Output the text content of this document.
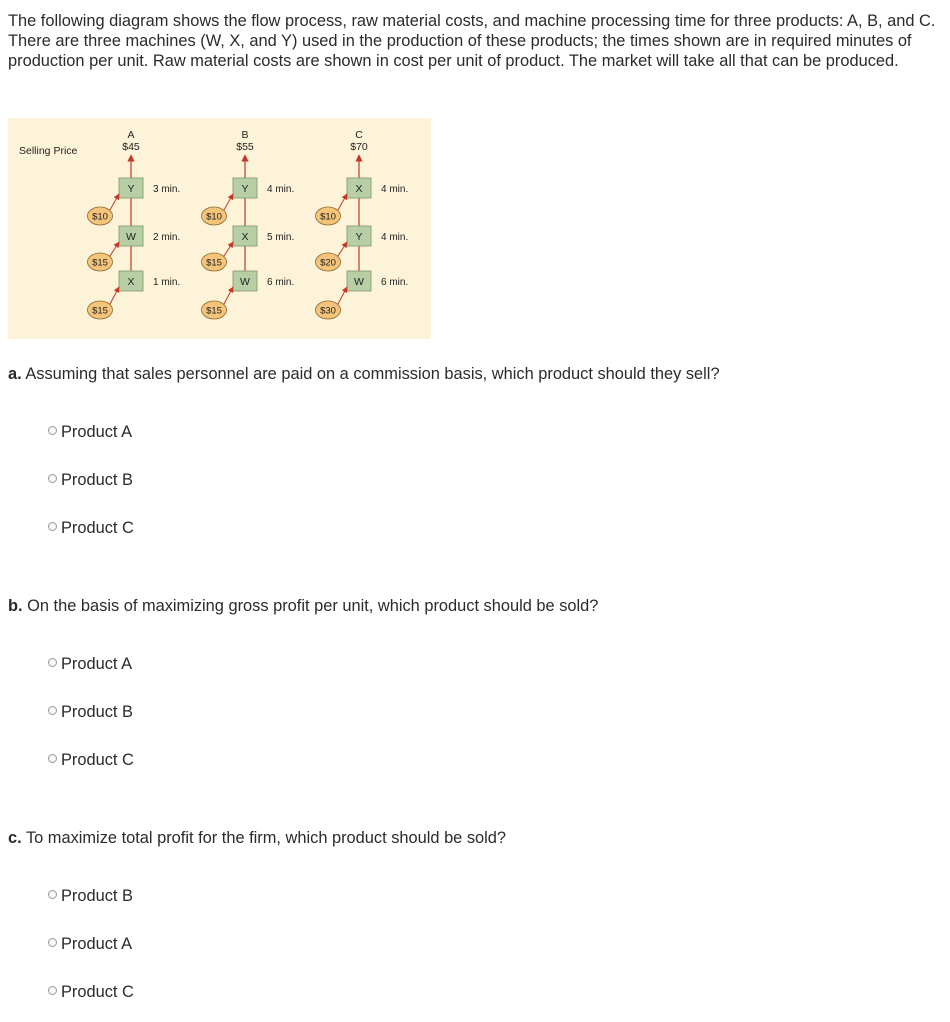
The following diagram shows the flow process, raw material costs, and machine processing time for three products: A, B, and C. There are three machines (W, X, and Y) used in the production of these products; the times shown are in required minutes of production per unit. Raw material costs are shown in cost per unit of product. The market will take all that can be produced.

Selling Price
A
$45
Y 3 min.
W 2 min.
X 1 min.
$10
$15
$15
B
$55
Y 4 min.
X 5 min.
W 6 min.
$10
$15
$15
C
$70
X 4 min.
Y 4 min.
W 6 min.
$10
$20
$30

a. Assuming that sales personnel are paid on a commission basis, which product should they sell?

Product A
Product B
Product C

b. On the basis of maximizing gross profit per unit, which product should be sold?

Product A
Product B
Product C

c. To maximize total profit for the firm, which product should be sold?

Product B
Product A
Product C
